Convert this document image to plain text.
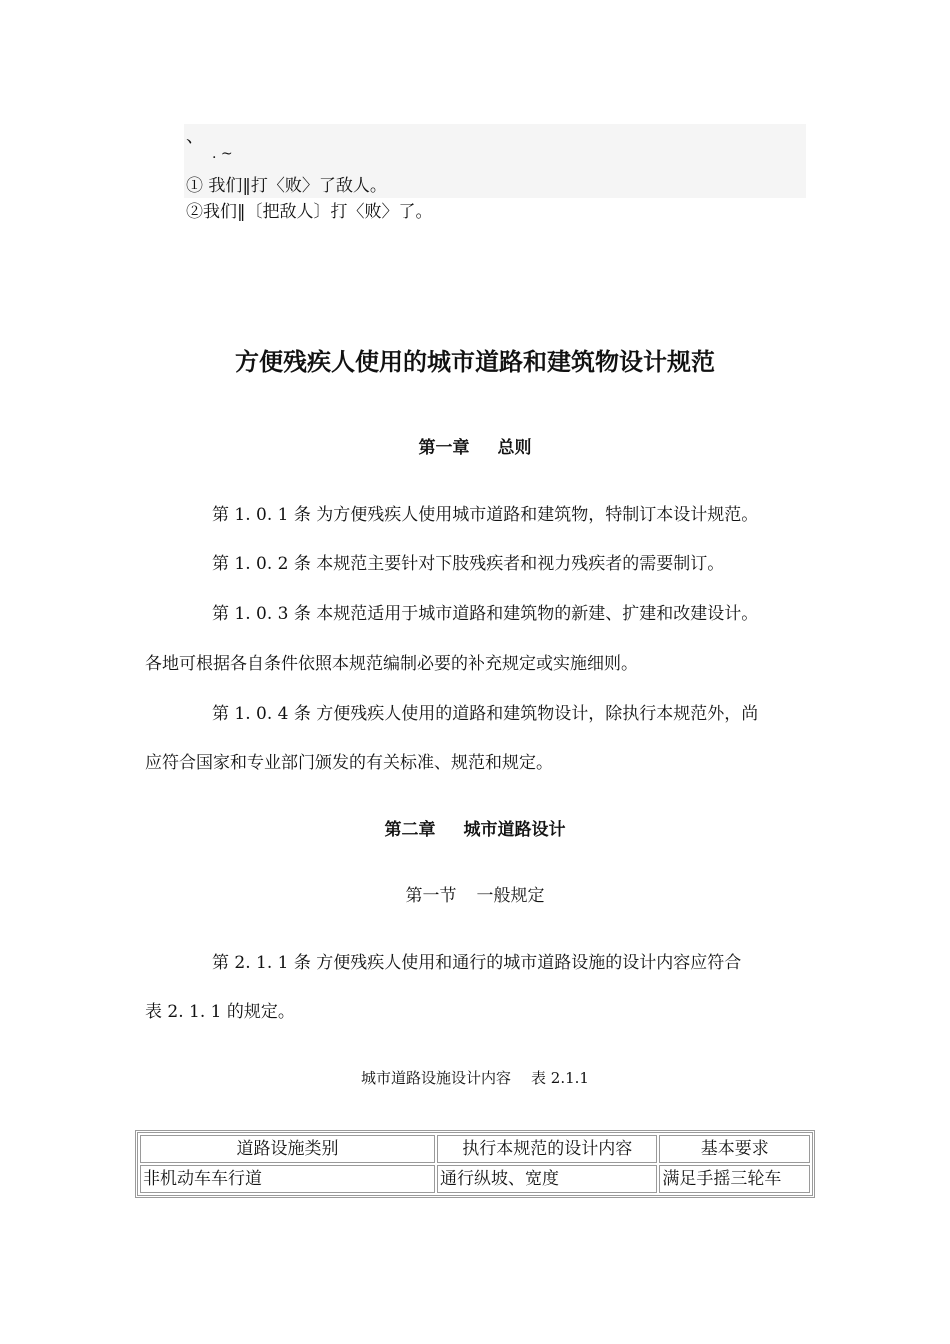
、
. ~
① 我们‖打〈败〉了敌人。
②我们‖〔把敌人〕打〈败〉了。
方便残疾人使用的城市道路和建筑物设计规范
第一章 总则
第 1. 0. 1 条 为方便残疾人使用城市道路和建筑物，特制订本设计规范。
第 1. 0. 2 条 本规范主要针对下肢残疾者和视力残疾者的需要制订。
第 1. 0. 3 条 本规范适用于城市道路和建筑物的新建、扩建和改建设计。
各地可根据各自条件依照本规范编制必要的补充规定或实施细则。
第 1. 0. 4 条 方便残疾人使用的道路和建筑物设计，除执行本规范外，尚
应符合国家和专业部门颁发的有关标准、规范和规定。
第二章 城市道路设计
第一节 一般规定
第 2. 1. 1 条 方便残疾人使用和通行的城市道路设施的设计内容应符合
表 2. 1. 1 的规定。
城市道路设施设计内容 表 2.1.1
道路设施类别	执行本规范的设计内容	基本要求
非机动车车行道	通行纵坡、宽度	满足手摇三轮车
